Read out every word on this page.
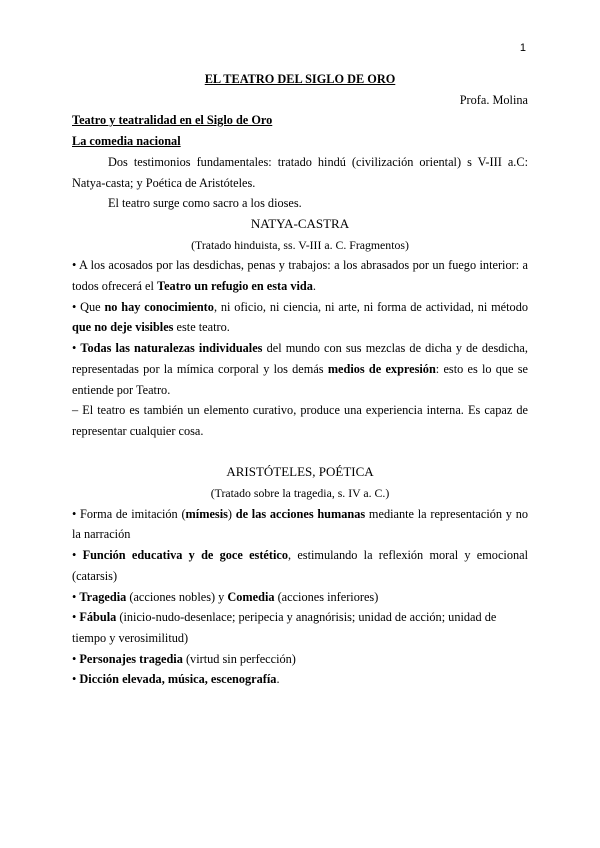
1

EL TEATRO DEL SIGLO DE ORO

Profa. Molina

Teatro y teatralidad en el Siglo de Oro

La comedia nacional

Dos testimonios fundamentales: tratado hindú (civilización oriental) s V-III a.C: Natya-casta; y Poética de Aristóteles.

El teatro surge como sacro a los dioses.

NATYA-CASTRA

(Tratado hinduista, ss. V-III a. C. Fragmentos)

• A los acosados por las desdichas, penas y trabajos: a los abrasados por un fuego interior: a todos ofrecerá el Teatro un refugio en esta vida.

• Que no hay conocimiento, ni oficio, ni ciencia, ni arte, ni forma de actividad, ni método que no deje visibles este teatro.

• Todas las naturalezas individuales del mundo con sus mezclas de dicha y de desdicha, representadas por la mímica corporal y los demás medios de expresión: esto es lo que se entiende por Teatro.

– El teatro es también un elemento curativo, produce una experiencia interna. Es capaz de representar cualquier cosa.

ARISTÓTELES, POÉTICA

(Tratado sobre la tragedia, s. IV a. C.)

• Forma de imitación (mímesis) de las acciones humanas mediante la representación y no la narración

• Función educativa y de goce estético, estimulando la reflexión moral y emocional (catarsis)

• Tragedia (acciones nobles) y Comedia (acciones inferiores)

• Fábula (inicio-nudo-desenlace; peripecia y anagnórisis; unidad de acción; unidad de tiempo y verosimilitud)

• Personajes tragedia (virtud sin perfección)

• Dicción elevada, música, escenografía.
